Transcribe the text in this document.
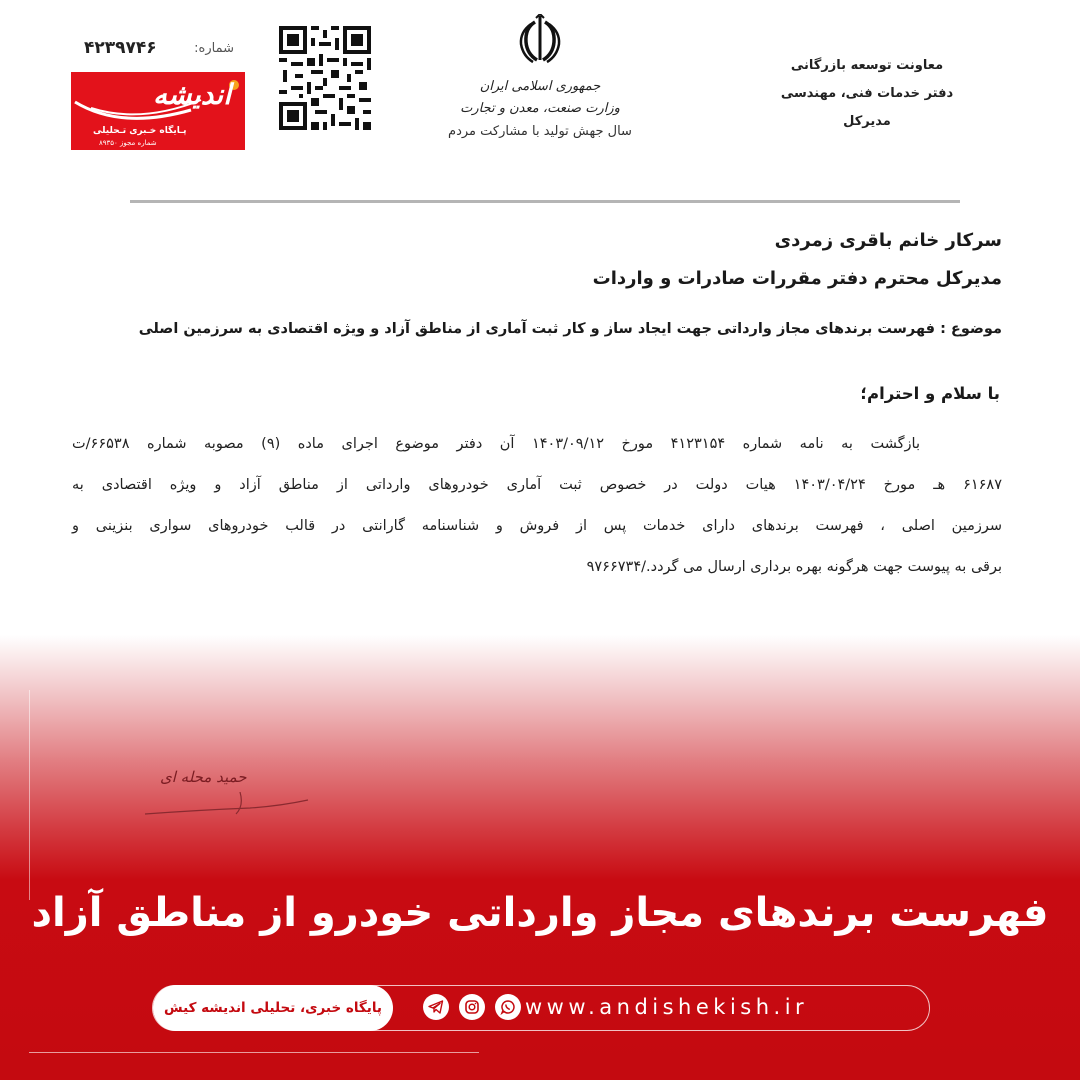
معاونت توسعه بازرگانی
دفتر خدمات فنی، مهندسی
مدیرکل
جمهوری اسلامی ایران
وزارت صنعت، معدن و تجارت
سال جهش تولید با مشارکت مردم
شماره:
۴۲۳۹۷۴۶
اندیشه
پـایگاه خـبری تـحلیلی
شماره مجوز ۸۹۳۵۰
سرکار خانم باقری زمردی
مدیرکل محترم دفتر مقررات صادرات و واردات
موضوع : فهرست برندهای مجاز وارداتی جهت ایجاد ساز و کار ثبت آماری از مناطق آزاد و ویژه اقتصادی به سرزمین اصلی
با سلام و احترام؛
بازگشت به نامه شماره ۴۱۲۳۱۵۴ مورخ ۱۴۰۳/۰۹/۱۲ آن دفتر موضوع اجرای ماده (۹) مصوبه شماره ۶۶۵۳۸/ت
۶۱۶۸۷ هـ مورخ ۱۴۰۳/۰۴/۲۴ هیات دولت در خصوص ثبت آماری خودروهای وارداتی از مناطق آزاد و ویژه اقتصادی به
سرزمین اصلی ، فهرست برندهای دارای خدمات پس از فروش و شناسنامه گارانتی در قالب خودروهای سواری بنزینی و
برقی به پیوست جهت هرگونه بهره برداری ارسال می گردد./۹۷۶۶۷۳۴
حمید محله ای
فهرست برندهای مجاز وارداتی خودرو از مناطق آزاد
پایگاه خبری، تحلیلی اندیشه کیش	www.andishekish.ir
